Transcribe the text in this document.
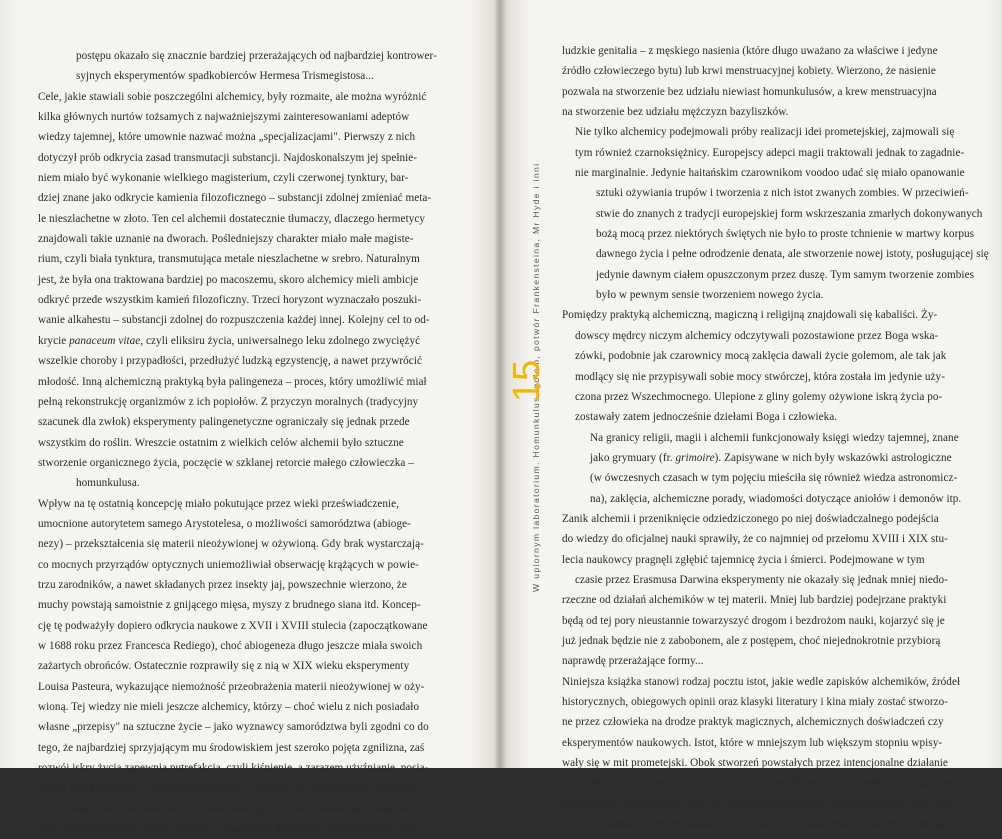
postępu okazało się znacznie bardziej przerażających od najbardziej kontrower-
syjnych eksperymentów spadkobierców Hermesa Trismegistosa...
Cele, jakie stawiali sobie poszczególni alchemicy, były rozmaite, ale można wyróżnić
kilka głównych nurtów tożsamych z najważniejszymi zainteresowaniami adeptów
wiedzy tajemnej, które umownie nazwać można „specjalizacjami". Pierwszy z nich
dotyczył prób odkrycia zasad transmutacji substancji. Najdoskonalszym jej spełnie-
niem miało być wykonanie wielkiego magisterium, czyli czerwonej tynktury, bar-
dziej znane jako odkrycie kamienia filozoficznego – substancji zdolnej zmieniać meta-
le nieszlachetne w złoto. Ten cel alchemii dostatecznie tłumaczy, dlaczego hermetycy
znajdowali takie uznanie na dworach. Pośledniejszy charakter miało małe magiste-
rium, czyli biała tynktura, transmutująca metale nieszlachetne w srebro. Naturalnym
jest, że była ona traktowana bardziej po macoszemu, skoro alchemicy mieli ambicje
odkryć przede wszystkim kamień filozoficzny. Trzeci horyzont wyznaczało poszuki-
wanie alkahestu – substancji zdolnej do rozpuszczenia każdej innej. Kolejny cel to od-
krycie panaceum vitae, czyli eliksiru życia, uniwersalnego leku zdolnego zwyciężyć
wszelkie choroby i przypadłości, przedłużyć ludzką egzystencję, a nawet przywrócić
młodość. Inną alchemiczną praktyką była palingeneza – proces, który umożliwić miał
pełną rekonstrukcję organizmów z ich popiołów. Z przyczyn moralnych (tradycyjny
szacunek dla zwłok) eksperymenty palingenetyczne ograniczały się jednak przede
wszystkim do roślin. Wreszcie ostatnim z wielkich celów alchemii było sztuczne
stworzenie organicznego życia, poczęcie w szklanej retorcie małego człowieczka –
homunkulusa.
Wpływ na tę ostatnią koncepcję miało pokutujące przez wieki przeświadczenie,
umocnione autorytetem samego Arystotelesa, o możliwości samorództwa (abioge-
nezy) – przekształcenia się materii nieożywionej w ożywioną. Gdy brak wystarczają-
co mocnych przyrządów optycznych uniemożliwiał obserwację krążących w powie-
trzu zarodników, a nawet składanych przez insekty jaj, powszechnie wierzono, że
muchy powstają samoistnie z gnijącego mięsa, myszy z brudnego siana itd. Koncep-
cję tę podważyły dopiero odkrycia naukowe z XVII i XVIII stulecia (zapoczątkowane
w 1688 roku przez Francesca Rediego), choć abiogeneza długo jeszcze miała swoich
zażartych obrońców. Ostatecznie rozprawiły się z nią w XIX wieku eksperymenty
Louisa Pasteura, wykazujące niemożność przeobrażenia materii nieożywionej w oży-
wioną. Tej wiedzy nie mieli jeszcze alchemicy, którzy – choć wielu z nich posiadało
własne „przepisy" na sztuczne życie – jako wyznawcy samorództwa byli zgodni co do
tego, że najbardziej sprzyjającym mu środowiskiem jest szeroko pojęta zgnilizna, zaś
rozwój iskry życia zapewnia putrefakcja, czyli kiśnienie, a zarazem użyźnianie, posia-
dające pełną analogię w stosowaniu nawozów. Putrefakcja i odpowiednia temperatu-
ra wpływały zatem na prawidłowy rozwój nowego życia w laboratorium, właściwa
iskra życia pochodzić jednak musiała z naturalnych składników wydzielanych przez
ludzkie genitalia – z męskiego nasienia (które długo uważano za właściwe i jedyne
źródło człowieczego bytu) lub krwi menstruacyjnej kobiety. Wierzono, że nasienie
pozwala na stworzenie bez udziału niewiast homunkulusów, a krew menstruacyjna
na stworzenie bez udziału mężczyzn bazyliszków.
Nie tylko alchemicy podejmowali próby realizacji idei prometejskiej, zajmowali się
tym również czarnoksiężnicy. Europejscy adepci magii traktowali jednak to zagadnie-
nie marginalnie. Jedynie haitańskim czarownikom voodoo udać się miało opanowanie
sztuki ożywiania trupów i tworzenia z nich istot zwanych zombies. W przeciwień-
stwie do znanych z tradycji europejskiej form wskrzeszania zmarłych dokonywanych
bożą mocą przez niektórych świętych nie było to proste tchnienie w martwy korpus
dawnego życia i pełne odrodzenie denata, ale stworzenie nowej istoty, posługującej się
jedynie dawnym ciałem opuszczonym przez duszę. Tym samym tworzenie zombies
było w pewnym sensie tworzeniem nowego życia.
Pomiędzy praktyką alchemiczną, magiczną i religijną znajdowali się kabaliści. Ży-
dowscy mędrcy niczym alchemicy odczytywali pozostawione przez Boga wska-
zówki, podobnie jak czarownicy mocą zaklęcia dawali życie golemom, ale tak jak
modlący się nie przypisywali sobie mocy stwórczej, która została im jedynie uży-
czona przez Wszechmocnego. Ulepione z gliny golemy ożywione iskrą życia po-
zostawały zatem jednocześnie dziełami Boga i człowieka.
Na granicy religii, magii i alchemii funkcjonowały księgi wiedzy tajemnej, znane
jako grymuary (fr. grimoire). Zapisywane w nich były wskazówki astrologiczne
(w ówczesnych czasach w tym pojęciu mieściła się również wiedza astronomicz-
na), zaklęcia, alchemiczne porady, wiadomości dotyczące aniołów i demonów itp.
Zanik alchemii i przeniknięcie odziedziczonego po niej doświadczalnego podejścia
do wiedzy do oficjalnej nauki sprawiły, że co najmniej od przełomu XVIII i XIX stu-
lecia naukowcy pragnęli zgłębić tajemnicę życia i śmierci. Podejmowane w tym
czasie przez Erasmusa Darwina eksperymenty nie okazały się jednak mniej niedo-
rzeczne od działań alchemików w tej materii. Mniej lub bardziej podejrzane praktyki
będą od tej pory nieustannie towarzyszyć drogom i bezdrożom nauki, kojarzyć się je
już jednak będzie nie z zabobonem, ale z postępem, choć niejednokrotnie przybiorą
naprawdę przerażające formy...
Niniejsza książka stanowi rodzaj pocztu istot, jakie wedle zapisków alchemików, źródeł
historycznych, obiegowych opinii oraz klasyki literatury i kina miały zostać stworzo-
ne przez człowieka na drodze praktyk magicznych, alchemicznych doświadczeń czy
eksperymentów naukowych. Istot, które w mniejszym lub większym stopniu wpisy-
wały się w mit prometejski. Obok stworzeń powstałych przez intencjonalne działanie
człowieka znalazły się tutaj również takie, którym dał on życie zupełnie niechcący, na
przykład bez zrozumienia szepcząc magiczną formułę lub uruchamiając inny ciąg przy-
czynowo-skutkowy. W ten sposób życie tchnięte być miało między innymi w budzące
W upiornym laboratorium. Homunkulus, golem, potwór Frankensteina, Mr Hyde i inni
15
